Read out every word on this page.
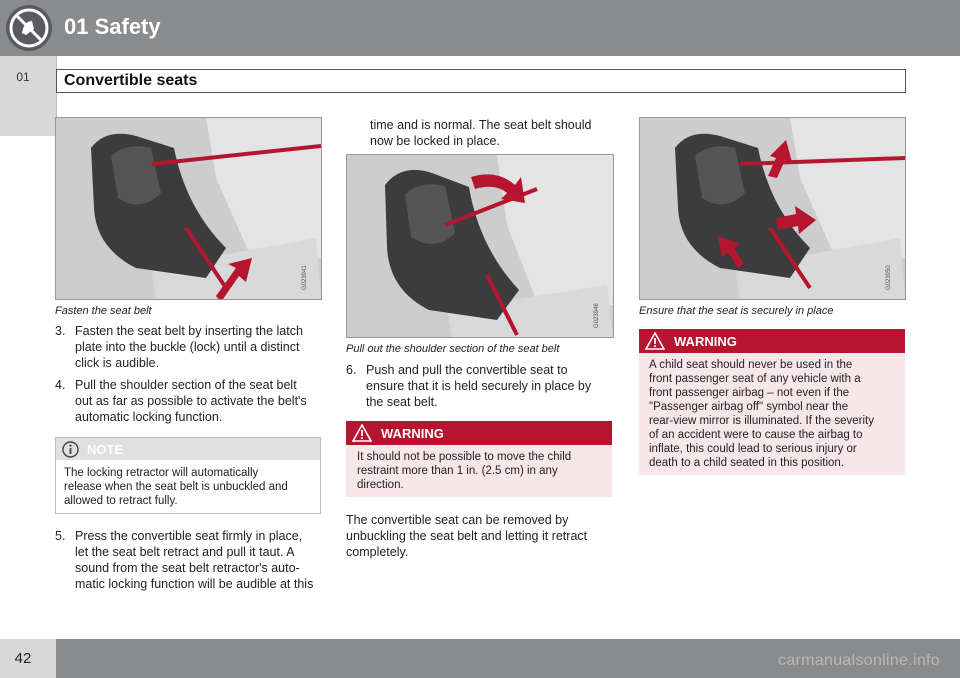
01 Safety
01	Convertible seats
G023941
Fasten the seat belt
3. Fasten the seat belt by inserting the latch
plate into the buckle (lock) until a distinct
click is audible.
4. Pull the shoulder section of the seat belt
out as far as possible to activate the belt's
automatic locking function.
NOTE
The locking retractor will automatically
release when the seat belt is unbuckled and
allowed to retract fully.
5. Press the convertible seat firmly in place,
let the seat belt retract and pull it taut. A
sound from the seat belt retractor's auto-
matic locking function will be audible at this
time and is normal. The seat belt should
now be locked in place.
G023946
Pull out the shoulder section of the seat belt
6. Push and pull the convertible seat to
ensure that it is held securely in place by
the seat belt.
WARNING
It should not be possible to move the child
restraint more than 1 in. (2.5 cm) in any
direction.
The convertible seat can be removed by
unbuckling the seat belt and letting it retract
completely.
G023950
Ensure that the seat is securely in place
WARNING
A child seat should never be used in the
front passenger seat of any vehicle with a
front passenger airbag – not even if the
"Passenger airbag off" symbol near the
rear-view mirror is illuminated. If the severity
of an accident were to cause the airbag to
inflate, this could lead to serious injury or
death to a child seated in this position.
42	carmanualsonline.info
